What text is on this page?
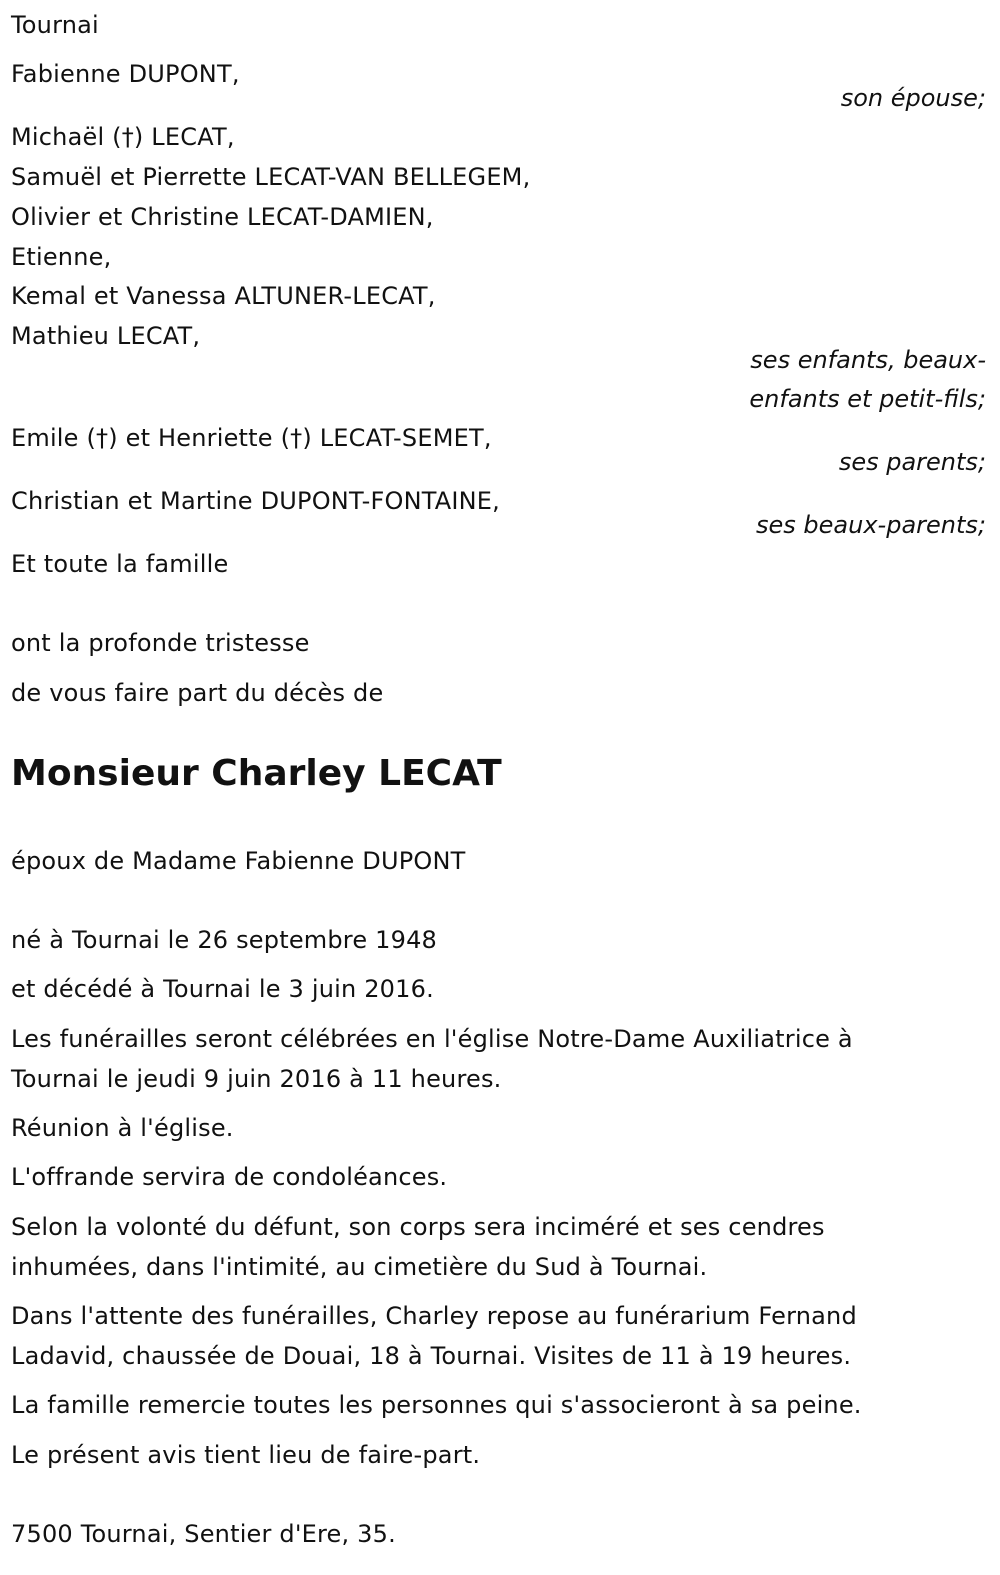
Tournai
Fabienne DUPONT,
son épouse;
Michaël (†) LECAT,
Samuël et Pierrette LECAT-VAN BELLEGEM,
Olivier et Christine LECAT-DAMIEN,
Etienne,
Kemal et Vanessa ALTUNER-LECAT,
Mathieu LECAT,
ses enfants, beaux-
enfants et petit-fils;
Emile (†) et Henriette (†) LECAT-SEMET,
ses parents;
Christian et Martine DUPONT-FONTAINE,
ses beaux-parents;
Et toute la famille
ont la profonde tristesse
de vous faire part du décès de
Monsieur Charley LECAT
époux de Madame Fabienne DUPONT
né à Tournai le 26 septembre 1948
et décédé à Tournai le 3 juin 2016.
Les funérailles seront célébrées en l'église Notre-Dame Auxiliatrice à
Tournai le jeudi 9 juin 2016 à 11 heures.
Réunion à l'église.
L'offrande servira de condoléances.
Selon la volonté du défunt, son corps sera inciméré et ses cendres
inhumées, dans l'intimité, au cimetière du Sud à Tournai.
Dans l'attente des funérailles, Charley repose au funérarium Fernand
Ladavid, chaussée de Douai, 18 à Tournai. Visites de 11 à 19 heures.
La famille remercie toutes les personnes qui s'associeront à sa peine.
Le présent avis tient lieu de faire-part.
7500 Tournai, Sentier d'Ere, 35.
